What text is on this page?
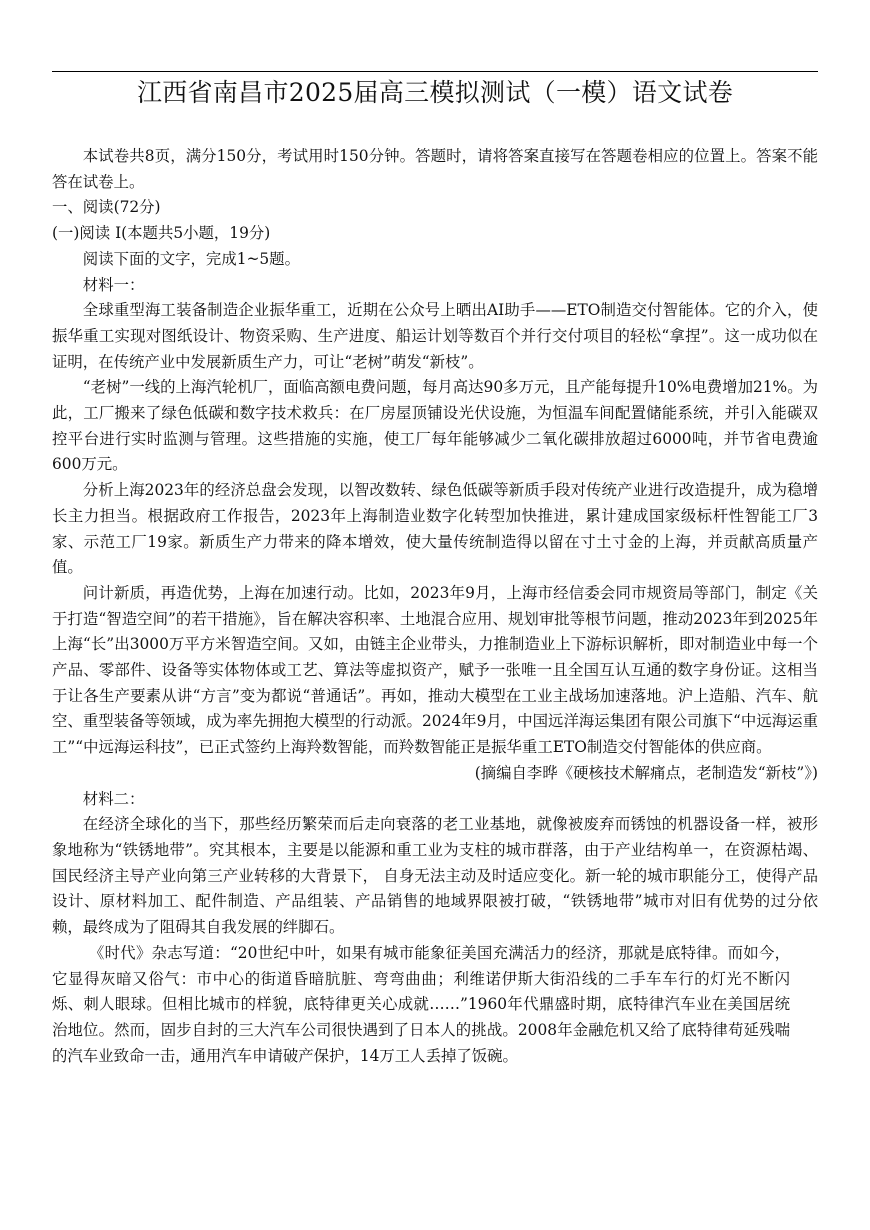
江西省南昌市2025届高三模拟测试（一模）语文试卷

本试卷共8页，满分150分，考试用时150分钟。答题时，请将答案直接写在答题卷相应的位置上。答案不能答在试卷上。

一、阅读(72分)

(一)阅读 I(本题共5小题，19分)

阅读下面的文字，完成1~5题。

材料一：

全球重型海工装备制造企业振华重工，近期在公众号上晒出AI助手——ETO制造交付智能体。它的介入，使振华重工实现对图纸设计、物资采购、生产进度、船运计划等数百个并行交付项目的轻松“拿捏”。这一成功似在证明，在传统产业中发展新质生产力，可让“老树”萌发“新枝”。

“老树”一线的上海汽轮机厂，面临高额电费问题，每月高达90多万元，且产能每提升10%电费增加21%。为此，工厂搬来了绿色低碳和数字技术救兵：在厂房屋顶铺设光伏设施，为恒温车间配置储能系统，并引入能碳双控平台进行实时监测与管理。这些措施的实施，使工厂每年能够减少二氧化碳排放超过6000吨，并节省电费逾600万元。

分析上海2023年的经济总盘会发现，以智改数转、绿色低碳等新质手段对传统产业进行改造提升，成为稳增长主力担当。根据政府工作报告，2023年上海制造业数字化转型加快推进，累计建成国家级标杆性智能工厂3家、示范工厂19家。新质生产力带来的降本增效，使大量传统制造得以留在寸土寸金的上海，并贡献高质量产值。

问计新质，再造优势，上海在加速行动。比如，2023年9月，上海市经信委会同市规资局等部门，制定《关于打造“智造空间”的若干措施》，旨在解决容积率、土地混合应用、规划审批等根节问题，推动2023年到2025年上海“长”出3000万平方米智造空间。又如，由链主企业带头，力推制造业上下游标识解析，即对制造业中每一个产品、零部件、设备等实体物体或工艺、算法等虚拟资产，赋予一张唯一且全国互认互通的数字身份证。这相当于让各生产要素从讲“方言”变为都说“普通话”。再如，推动大模型在工业主战场加速落地。沪上造船、汽车、航空、重型装备等领域，成为率先拥抱大模型的行动派。2024年9月，中国远洋海运集团有限公司旗下“中远海运重工”“中远海运科技”，已正式签约上海羚数智能，而羚数智能正是振华重工ETO制造交付智能体的供应商。

(摘编自李晔《硬核技术解痛点，老制造发“新枝”》)

材料二：

在经济全球化的当下，那些经历繁荣而后走向衰落的老工业基地，就像被废弃而锈蚀的机器设备一样，被形象地称为“铁锈地带”。究其根本，主要是以能源和重工业为支柱的城市群落，由于产业结构单一，在资源枯竭、国民经济主导产业向第三产业转移的大背景下， 自身无法主动及时适应变化。新一轮的城市职能分工，使得产品设计、原材料加工、配件制造、产品组装、产品销售的地域界限被打破，“铁锈地带”城市对旧有优势的过分依赖，最终成为了阻碍其自我发展的绊脚石。

《时代》杂志写道：“20世纪中叶，如果有城市能象征美国充满活力的经济，那就是底特律。而如今，它显得灰暗又俗气：市中心的街道昏暗肮脏、弯弯曲曲；利维诺伊斯大街沿线的二手车车行的灯光不断闪烁、刺人眼球。但相比城市的样貌，底特律更关心成就……”1960年代鼎盛时期，底特律汽车业在美国居统治地位。然而，固步自封的三大汽车公司很快遇到了日本人的挑战。2008年金融危机又给了底特律苟延残喘的汽车业致命一击，通用汽车申请破产保护，14万工人丢掉了饭碗。
